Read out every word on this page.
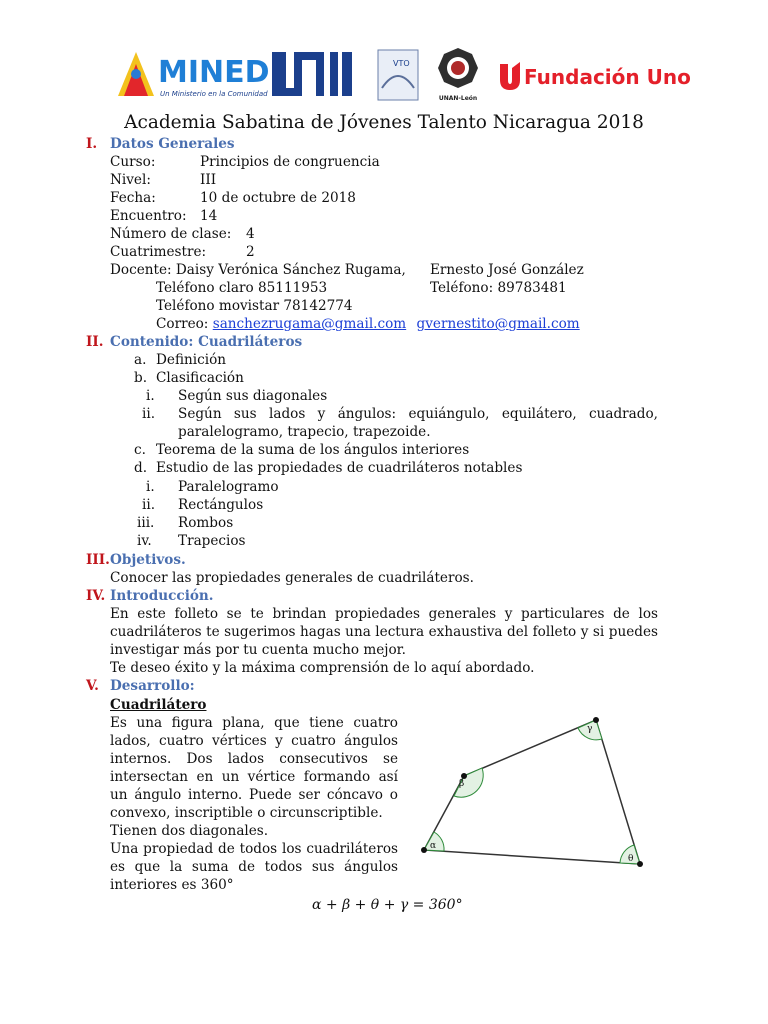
MINED
Un Ministerio en la Comunidad
VTO
UNAN-León
Fundación Uno
Academia Sabatina de Jóvenes Talento Nicaragua 2018
I. Datos Generales
Curso:	Principios de congruencia
Nivel:	III
Fecha:	10 de octubre de 2018
Encuentro: 14
Número de clase: 4
Cuatrimestre:	2
Docente: Daisy Verónica Sánchez Rugama, Ernesto José González
Teléfono claro 85111953	Teléfono: 89783481
Teléfono movistar 78142774
Correo: sanchezrugama@gmail.com gvernestito@gmail.com
II. Contenido: Cuadriláteros
a. Definición
b. Clasificación
i. Según sus diagonales
ii. Según sus lados y ángulos: equiángulo, equilátero, cuadrado, paralelogramo, trapecio, trapezoide.
c. Teorema de la suma de los ángulos interiores
d. Estudio de las propiedades de cuadriláteros notables
i. Paralelogramo
ii. Rectángulos
iii. Rombos
iv. Trapecios
III. Objetivos.
Conocer las propiedades generales de cuadriláteros.
IV. Introducción.
En este folleto se te brindan propiedades generales y particulares de los cuadriláteros te sugerimos hagas una lectura exhaustiva del folleto y si puedes investigar más por tu cuenta mucho mejor.
Te deseo éxito y la máxima comprensión de lo aquí abordado.
V. Desarrollo:
Cuadrilátero
Es una figura plana, que tiene cuatro lados, cuatro vértices y cuatro ángulos internos. Dos lados consecutivos se intersectan en un vértice formando así un ángulo interno. Puede ser cóncavo o convexo, inscriptible o circunscriptible.
Tienen dos diagonales.
Una propiedad de todos los cuadriláteros es que la suma de todos sus ángulos interiores es 360°
α + β + θ + γ = 360°
α
β
γ
θ
